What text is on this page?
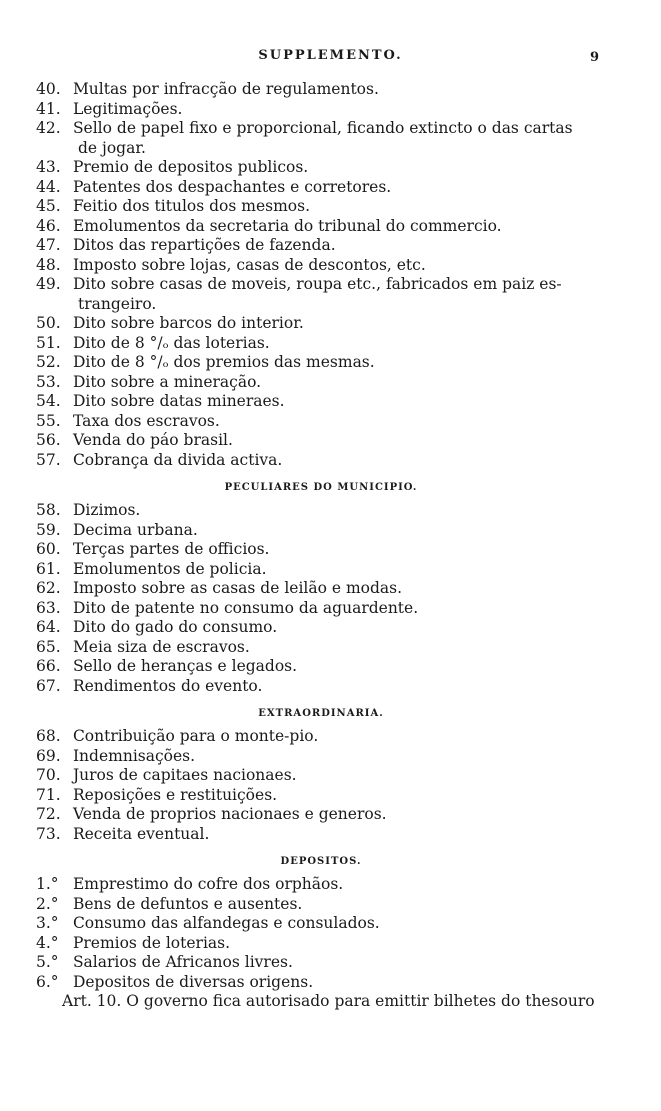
SUPPLEMENTO.	9
40. Multas por infracção de regulamentos.
41. Legitimações.
42. Sello de papel fixo e proporcional, ficando extincto o das cartas
de jogar.
43. Premio de depositos publicos.
44. Patentes dos despachantes e corretores.
45. Feitio dos titulos dos mesmos.
46. Emolumentos da secretaria do tribunal do commercio.
47. Ditos das repartições de fazenda.
48. Imposto sobre lojas, casas de descontos, etc.
49. Dito sobre casas de moveis, roupa etc., fabricados em paiz es-
trangeiro.
50. Dito sobre barcos do interior.
51. Dito de 8 °/ₒ das loterias.
52. Dito de 8 °/ₒ dos premios das mesmas.
53. Dito sobre a mineração.
54. Dito sobre datas mineraes.
55. Taxa dos escravos.
56. Venda do páo brasil.
57. Cobrança da divida activa.
PECULIARES DO MUNICIPIO.
58. Dizimos.
59. Decima urbana.
60. Terças partes de officios.
61. Emolumentos de policia.
62. Imposto sobre as casas de leilão e modas.
63. Dito de patente no consumo da aguardente.
64. Dito do gado do consumo.
65. Meia siza de escravos.
66. Sello de heranças e legados.
67. Rendimentos do evento.
EXTRAORDINARIA.
68. Contribuição para o monte-pio.
69. Indemnisações.
70. Juros de capitaes nacionaes.
71. Reposições e restituições.
72. Venda de proprios nacionaes e generos.
73. Receita eventual.
DEPOSITOS.
1.° Emprestimo do cofre dos orphãos.
2.° Bens de defuntos e ausentes.
3.° Consumo das alfandegas e consulados.
4.° Premios de loterias.
5.° Salarios de Africanos livres.
6.° Depositos de diversas origens.
Art. 10. O governo fica autorisado para emittir bilhetes do thesouro
